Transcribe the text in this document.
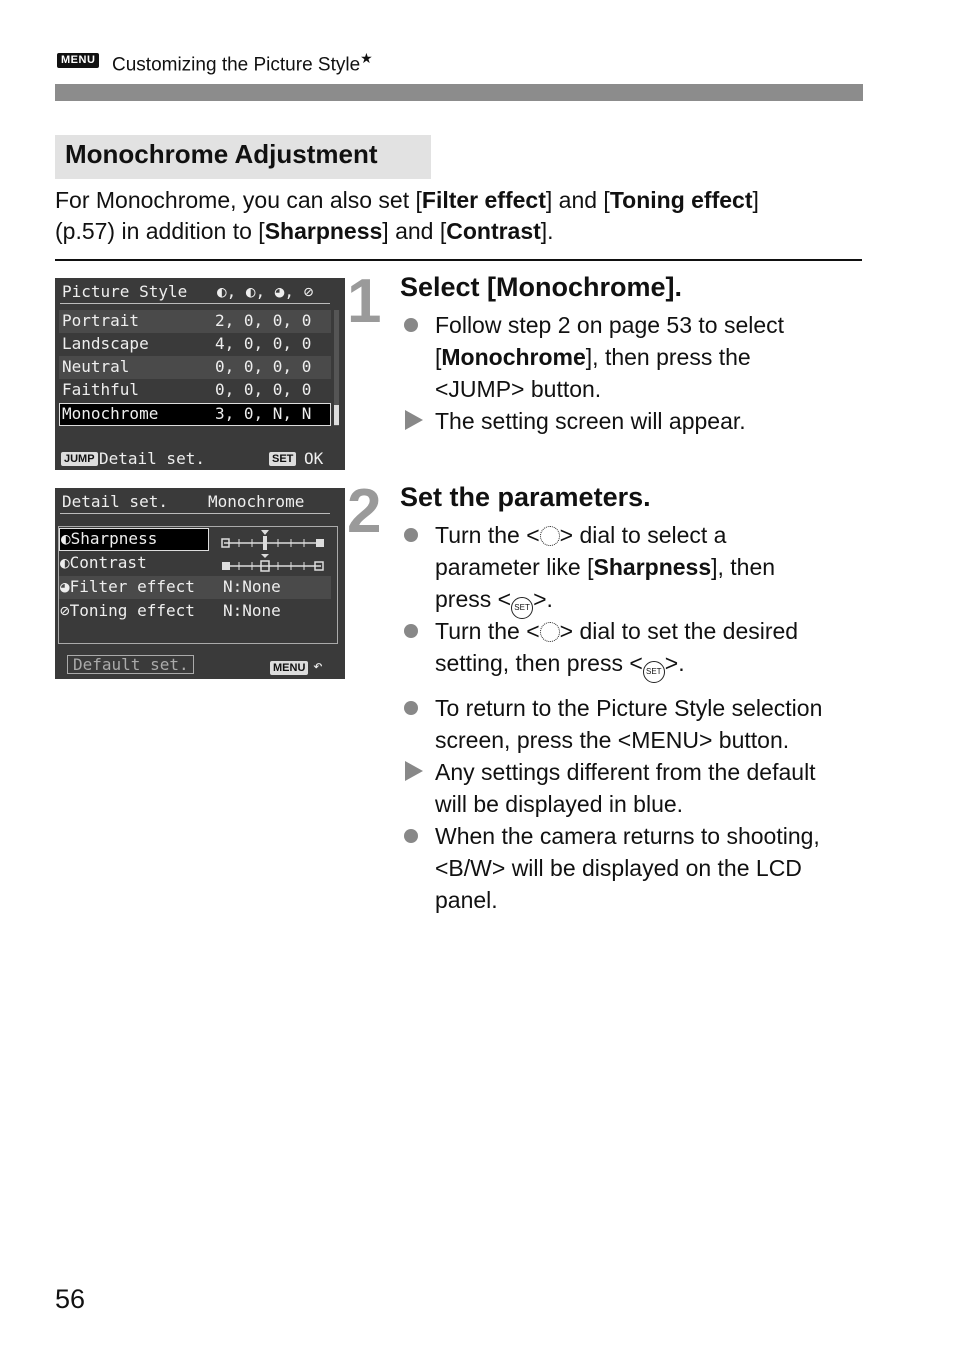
MENU Customizing the Picture Style★
Monochrome Adjustment
For Monochrome, you can also set [Filter effect] and [Toning effect]
(p.57) in addition to [Sharpness] and [Contrast].
Picture Style ◐, ◐, ◕, ⊘
Portrait	2, 0, 0, 0
Landscape	4, 0, 0, 0
Neutral	0, 0, 0, 0
Faithful	0, 0, 0, 0
Monochrome	3, 0, N, N
JUMP Detail set.	SET OK
Detail set.	Monochrome
◐Sharpness
◐Contrast
◕Filter effect N:None
⊘Toning effect N:None
Default set.	MENU ↶
1 Select [Monochrome].
Follow step 2 on page 53 to select
[Monochrome], then press the
<JUMP> button.
The setting screen will appear.
2 Set the parameters.
Turn the < > dial to select a
parameter like [Sharpness], then
press < SET >.
Turn the < > dial to set the desired
setting, then press < SET >.
To return to the Picture Style selection
screen, press the <MENU> button.
Any settings different from the default
will be displayed in blue.
When the camera returns to shooting,
<B/W> will be displayed on the LCD
panel.
56
